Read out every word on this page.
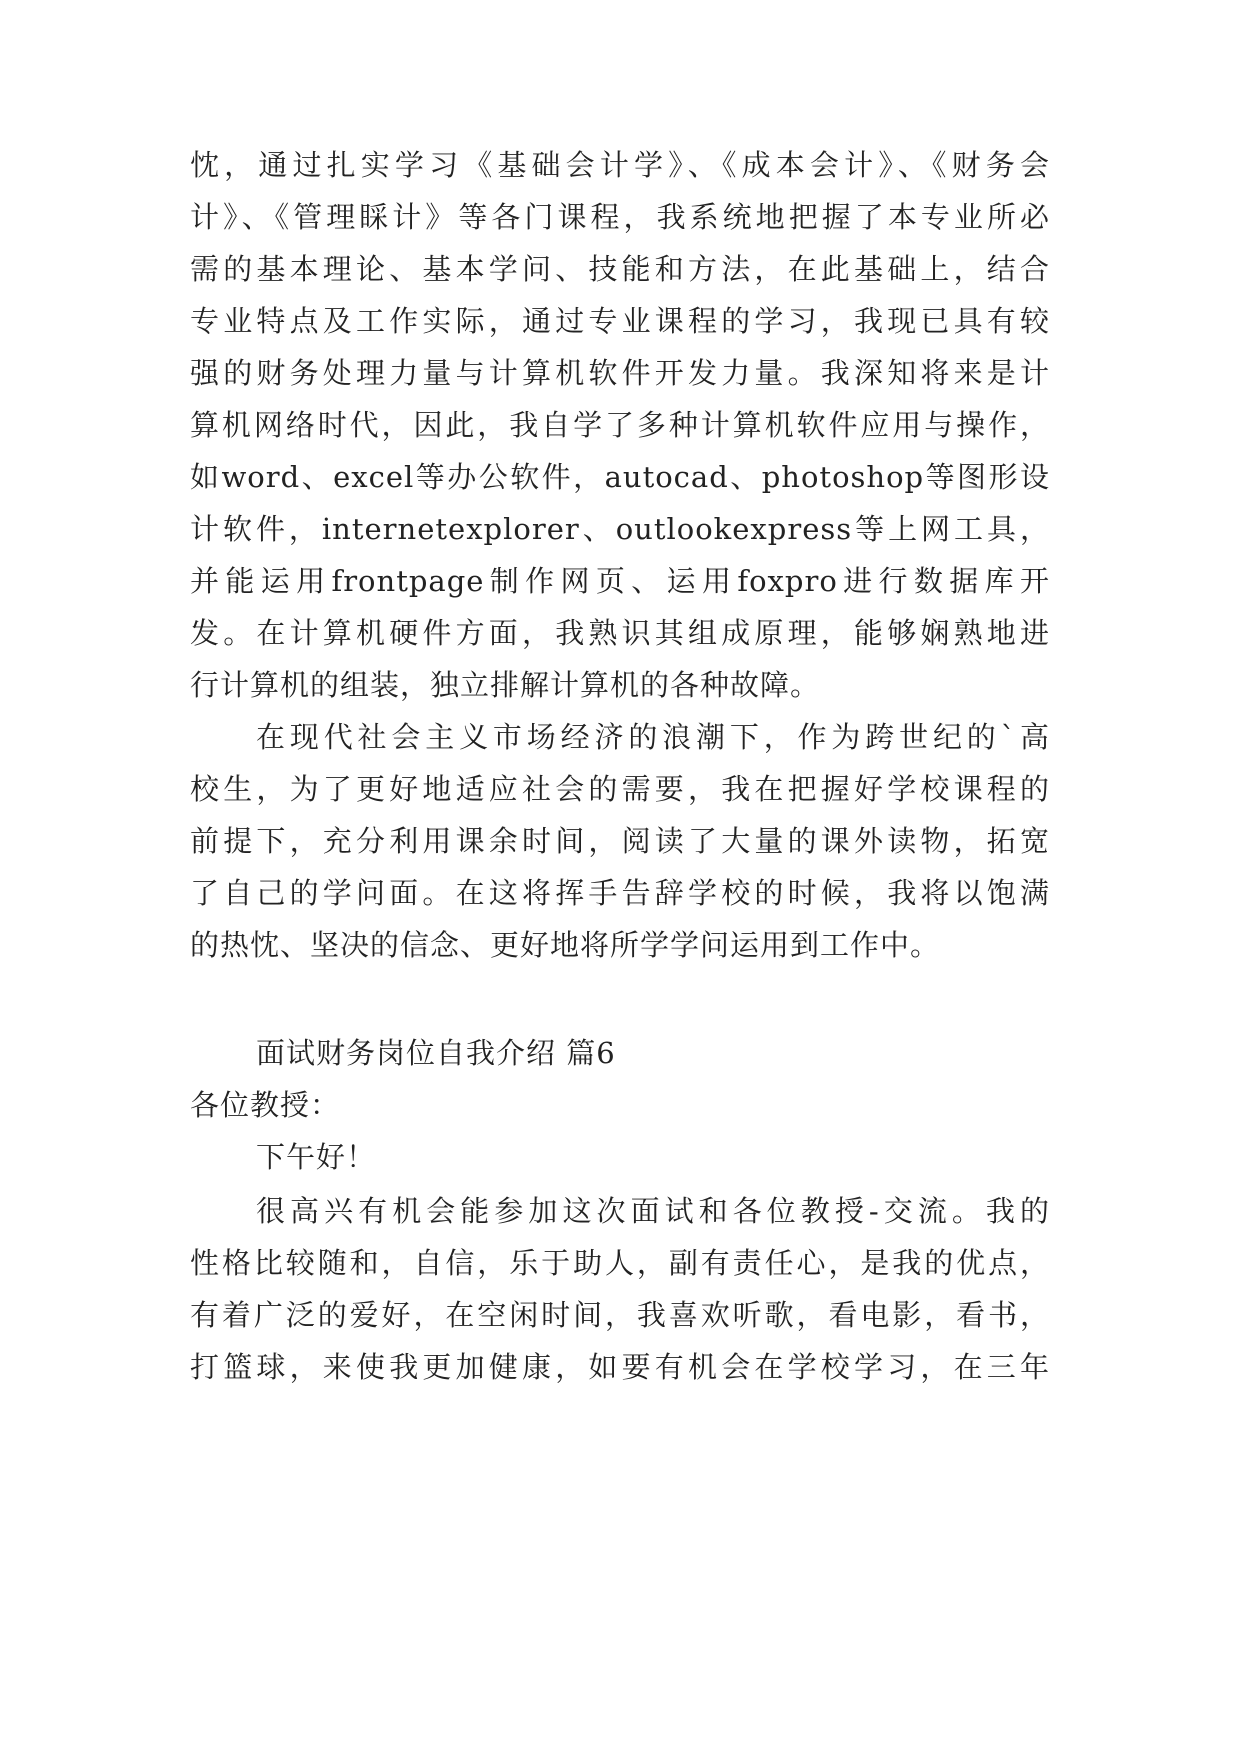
忱，通过扎实学习《基础会计学》、《成本会计》、《财务会
计》、《管理睬计》等各门课程，我系统地把握了本专业所必
需的基本理论、基本学问、技能和方法，在此基础上，结合
专业特点及工作实际，通过专业课程的学习，我现已具有较
强的财务处理力量与计算机软件开发力量。我深知将来是计
算机网络时代，因此，我自学了多种计算机软件应用与操作，
如word、excel等办公软件，autocad、photoshop等图形设
计软件，internetexplorer、outlookexpress等上网工具，
并能运用frontpage制作网页、运用foxpro进行数据库开
发。在计算机硬件方面，我熟识其组成原理，能够娴熟地进
行计算机的组装，独立排解计算机的各种故障。
在现代社会主义市场经济的浪潮下，作为跨世纪的`高
校生，为了更好地适应社会的需要，我在把握好学校课程的
前提下，充分利用课余时间，阅读了大量的课外读物，拓宽
了自己的学问面。在这将挥手告辞学校的时候，我将以饱满
的热忱、坚决的信念、更好地将所学学问运用到工作中。
面试财务岗位自我介绍 篇6
各位教授：
下午好！
很高兴有机会能参加这次面试和各位教授-交流。我的
性格比较随和，自信，乐于助人，副有责任心，是我的优点，
有着广泛的爱好，在空闲时间，我喜欢听歌，看电影，看书，
打篮球，来使我更加健康，如要有机会在学校学习，在三年
